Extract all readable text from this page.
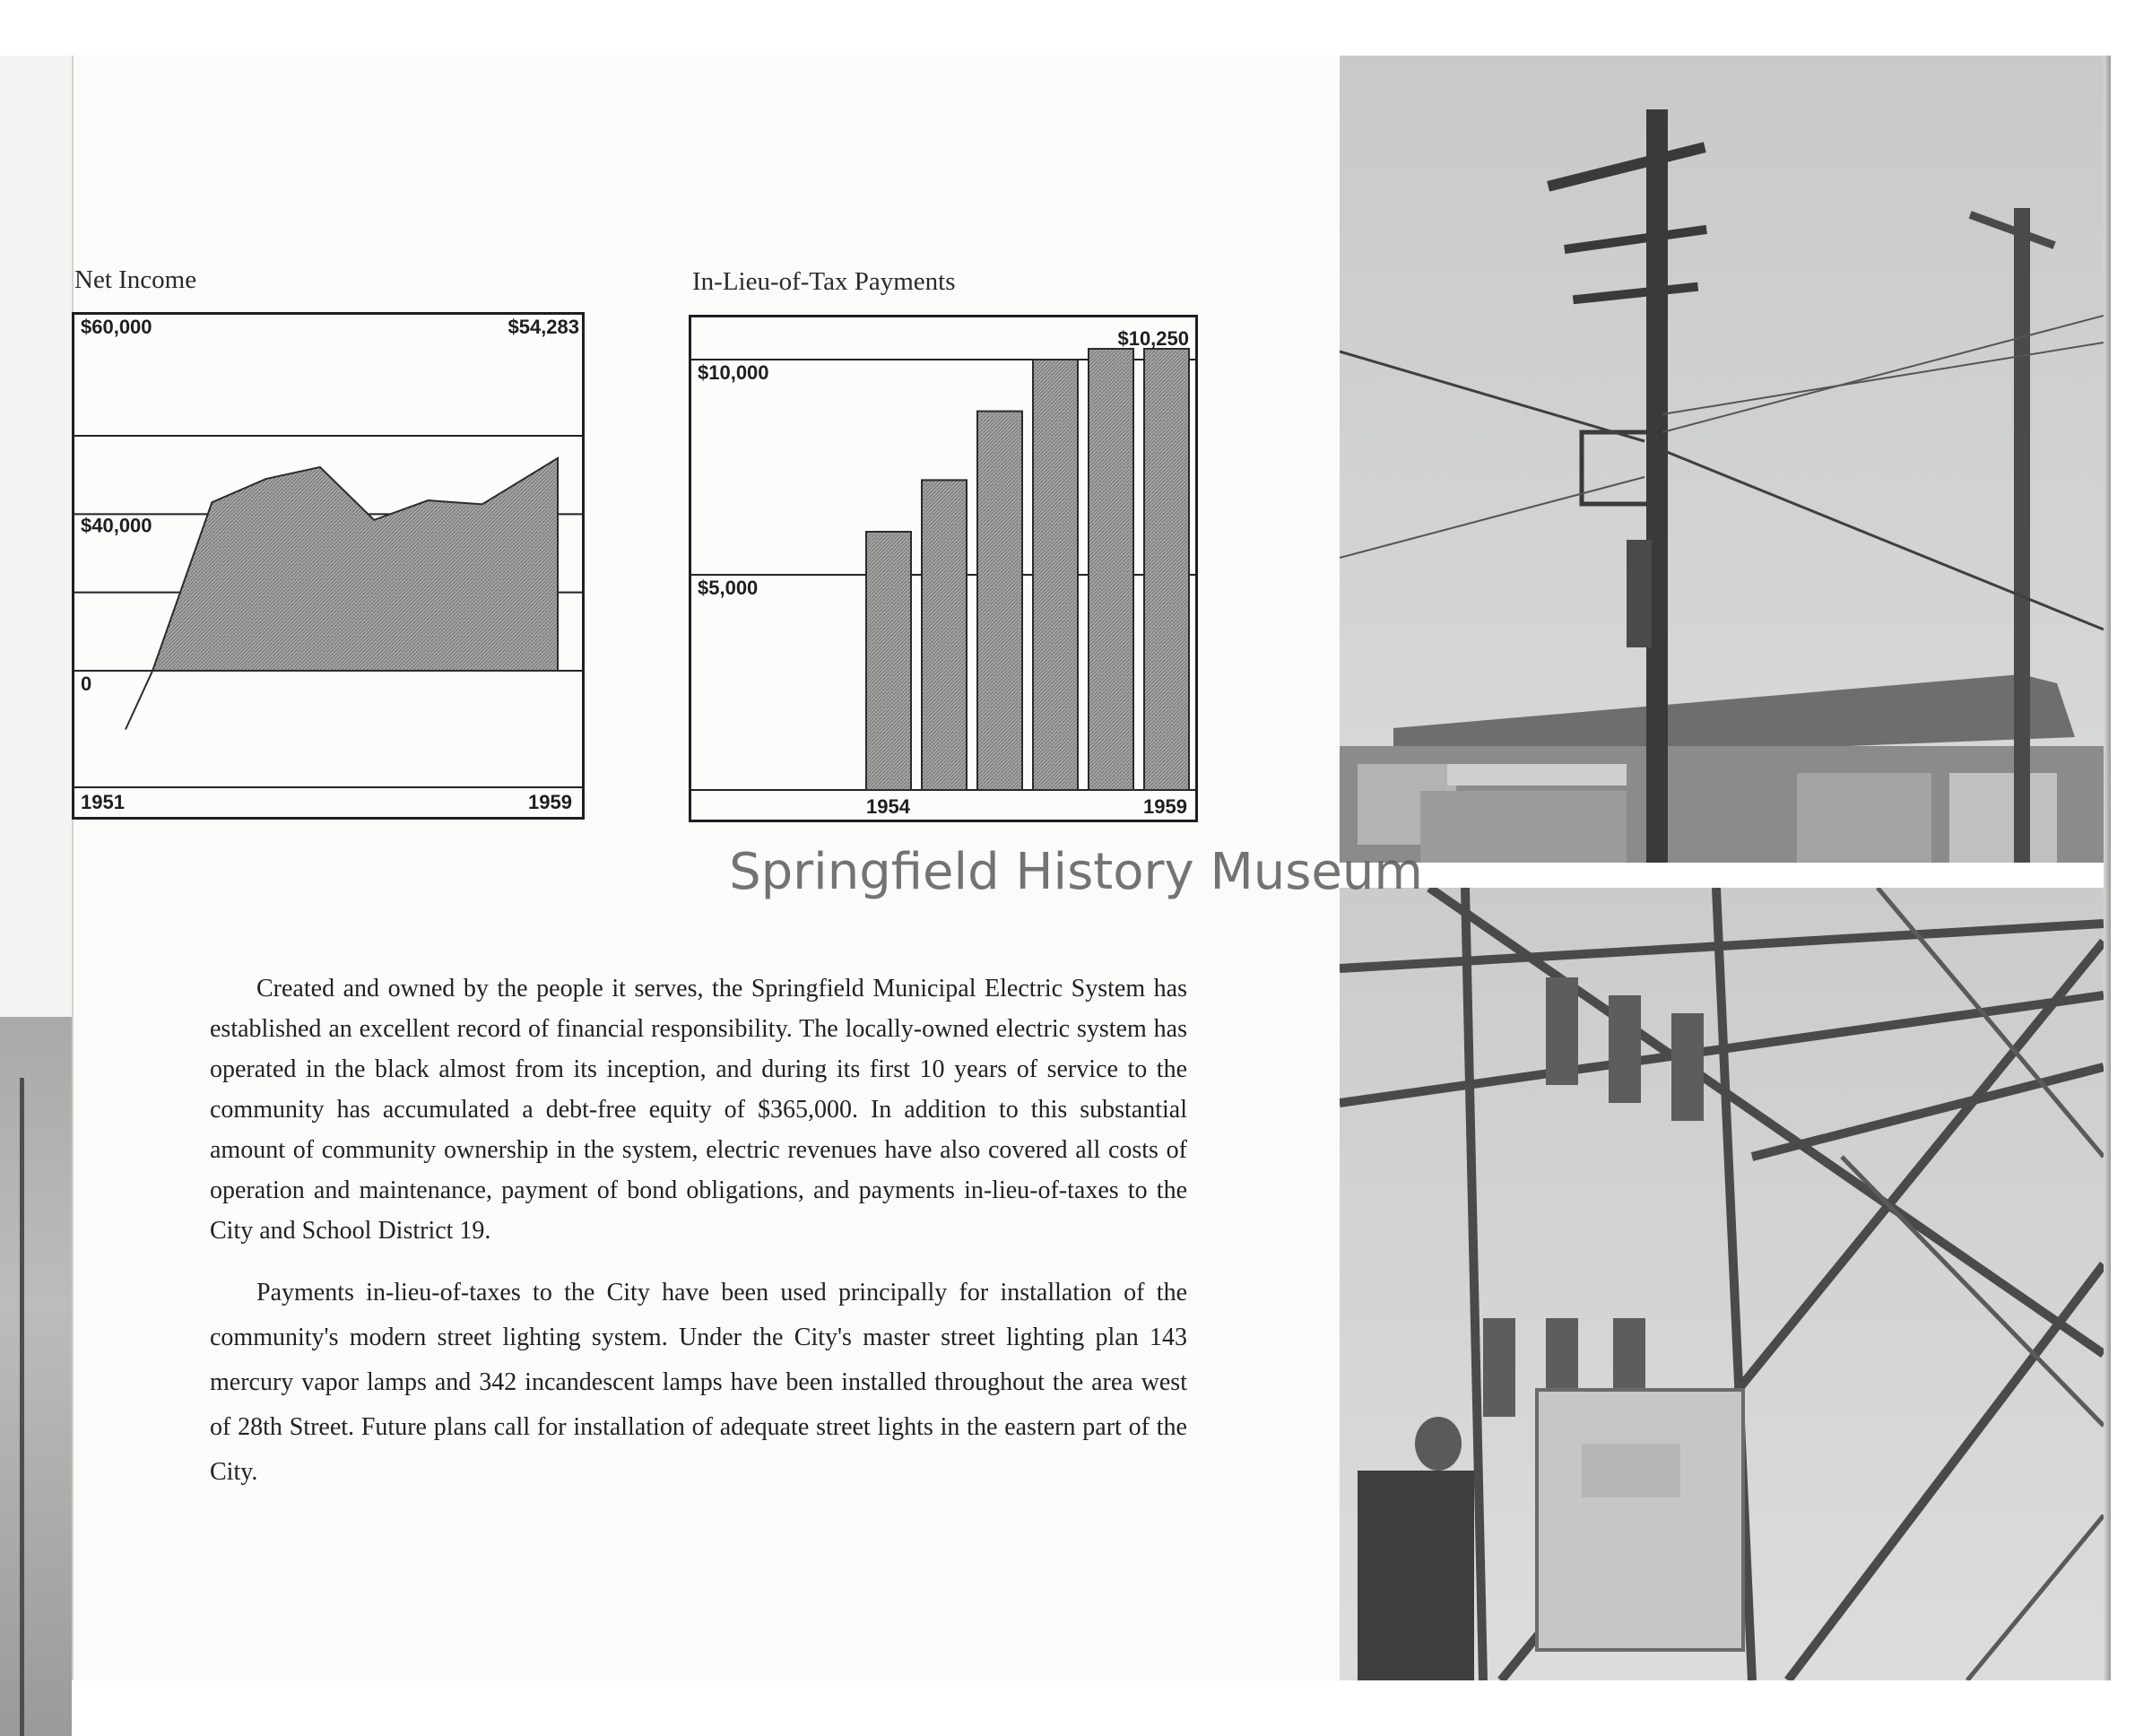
Net Income
$60,000
$40,000
0
1951	1959
$54,283
In-Lieu-of-Tax Payments
$10,000
$5,000
1954	1959
$10,250

Created and owned by the people it serves, the Springfield Municipal Electric System has established an excellent record of financial responsibility. The locally-owned electric system has operated in the black almost from its inception, and during its first 10 years of service to the community has accumulated a debt-free equity of $365,000. In addition to this substantial amount of community ownership in the system, electric revenues have also covered all costs of operation and maintenance, payment of bond obligations, and payments in-lieu-of-taxes to the City and School District 19.

Payments in-lieu-of-taxes to the City have been used principally for installation of the community's modern street lighting system. Under the City's master street lighting plan 143 mercury vapor lamps and 342 incandescent lamps have been installed throughout the area west of 28th Street. Future plans call for installation of adequate street lights in the eastern part of the City.

Springfield History Museum
